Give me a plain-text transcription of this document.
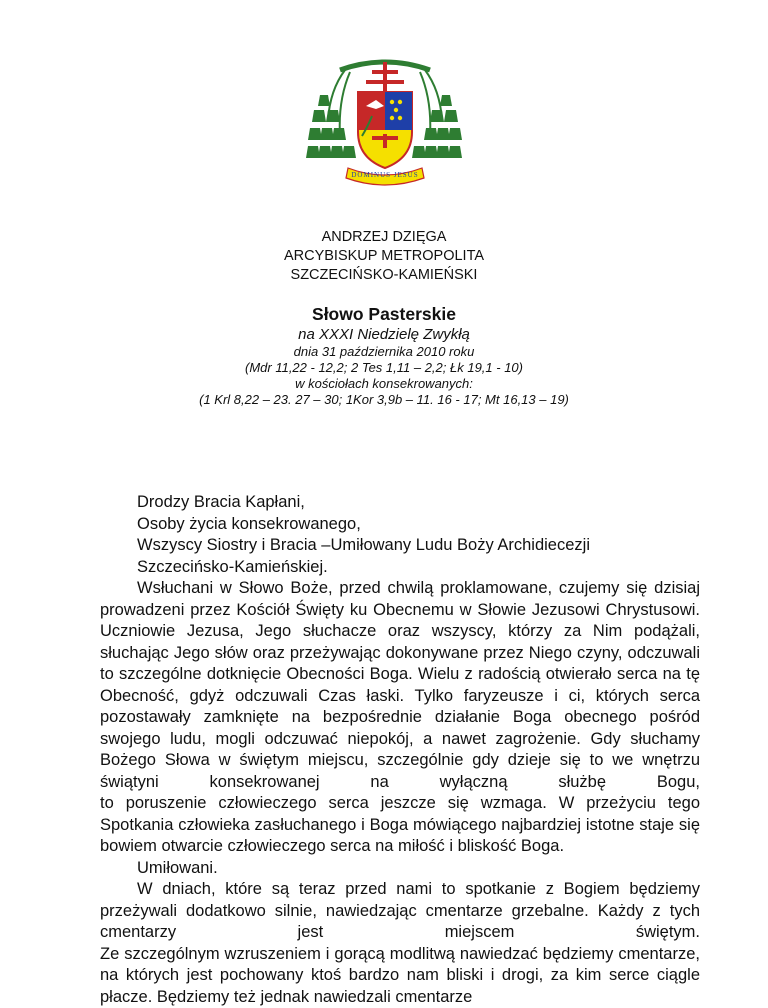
DOMINUS JESUS
ANDRZEJ DZIĘGA
ARCYBISKUP METROPOLITA
SZCZECIŃSKO-KAMIEŃSKI
Słowo Pasterskie
na XXXI Niedzielę Zwykłą
dnia 31 października 2010 roku
(Mdr 11,22 - 12,2; 2 Tes 1,11 – 2,2; Łk 19,1 - 10)
w kościołach konsekrowanych:
(1 Krl 8,22 – 23. 27 – 30; 1Kor 3,9b – 11. 16 - 17; Mt 16,13 – 19)
Drodzy Bracia Kapłani,
Osoby życia konsekrowanego,
Wszyscy Siostry i Bracia –Umiłowany Ludu Boży Archidiecezji
Szczecińsko-Kamieńskiej.

Wsłuchani w Słowo Boże, przed chwilą proklamowane, czujemy się dzisiaj prowadzeni przez Kościół Święty ku Obecnemu w Słowie Jezusowi Chrystusowi. Uczniowie Jezusa, Jego słuchacze oraz wszyscy, którzy za Nim podążali, słuchając Jego słów oraz przeżywając dokonywane przez Niego czyny, odczuwali to szczególne dotknięcie Obecności Boga. Wielu z radością otwierało serca na tę Obecność, gdyż odczuwali Czas łaski. Tylko faryzeusze i ci, których serca pozostawały zamknięte na bezpośrednie działanie Boga obecnego pośród swojego ludu, mogli odczuwać niepokój, a nawet zagrożenie. Gdy słuchamy Bożego Słowa w świętym miejscu, szczególnie gdy dzieje się to we wnętrzu świątyni konsekrowanej na wyłączną służbę Bogu,

to poruszenie człowieczego serca jeszcze się wzmaga. W przeżyciu tego Spotkania człowieka zasłuchanego i Boga mówiącego najbardziej istotne staje się bowiem otwarcie człowieczego serca na miłość i bliskość Boga.

Umiłowani.

W dniach, które są teraz przed nami to spotkanie z Bogiem będziemy przeżywali dodatkowo silnie, nawiedzając cmentarze grzebalne. Każdy z tych cmentarzy jest miejscem świętym.

Ze szczególnym wzruszeniem i gorącą modlitwą nawiedzać będziemy cmentarze, na których jest pochowany ktoś bardzo nam bliski i drogi, za kim serce ciągle płacze. Będziemy też jednak nawiedzali cmentarze
